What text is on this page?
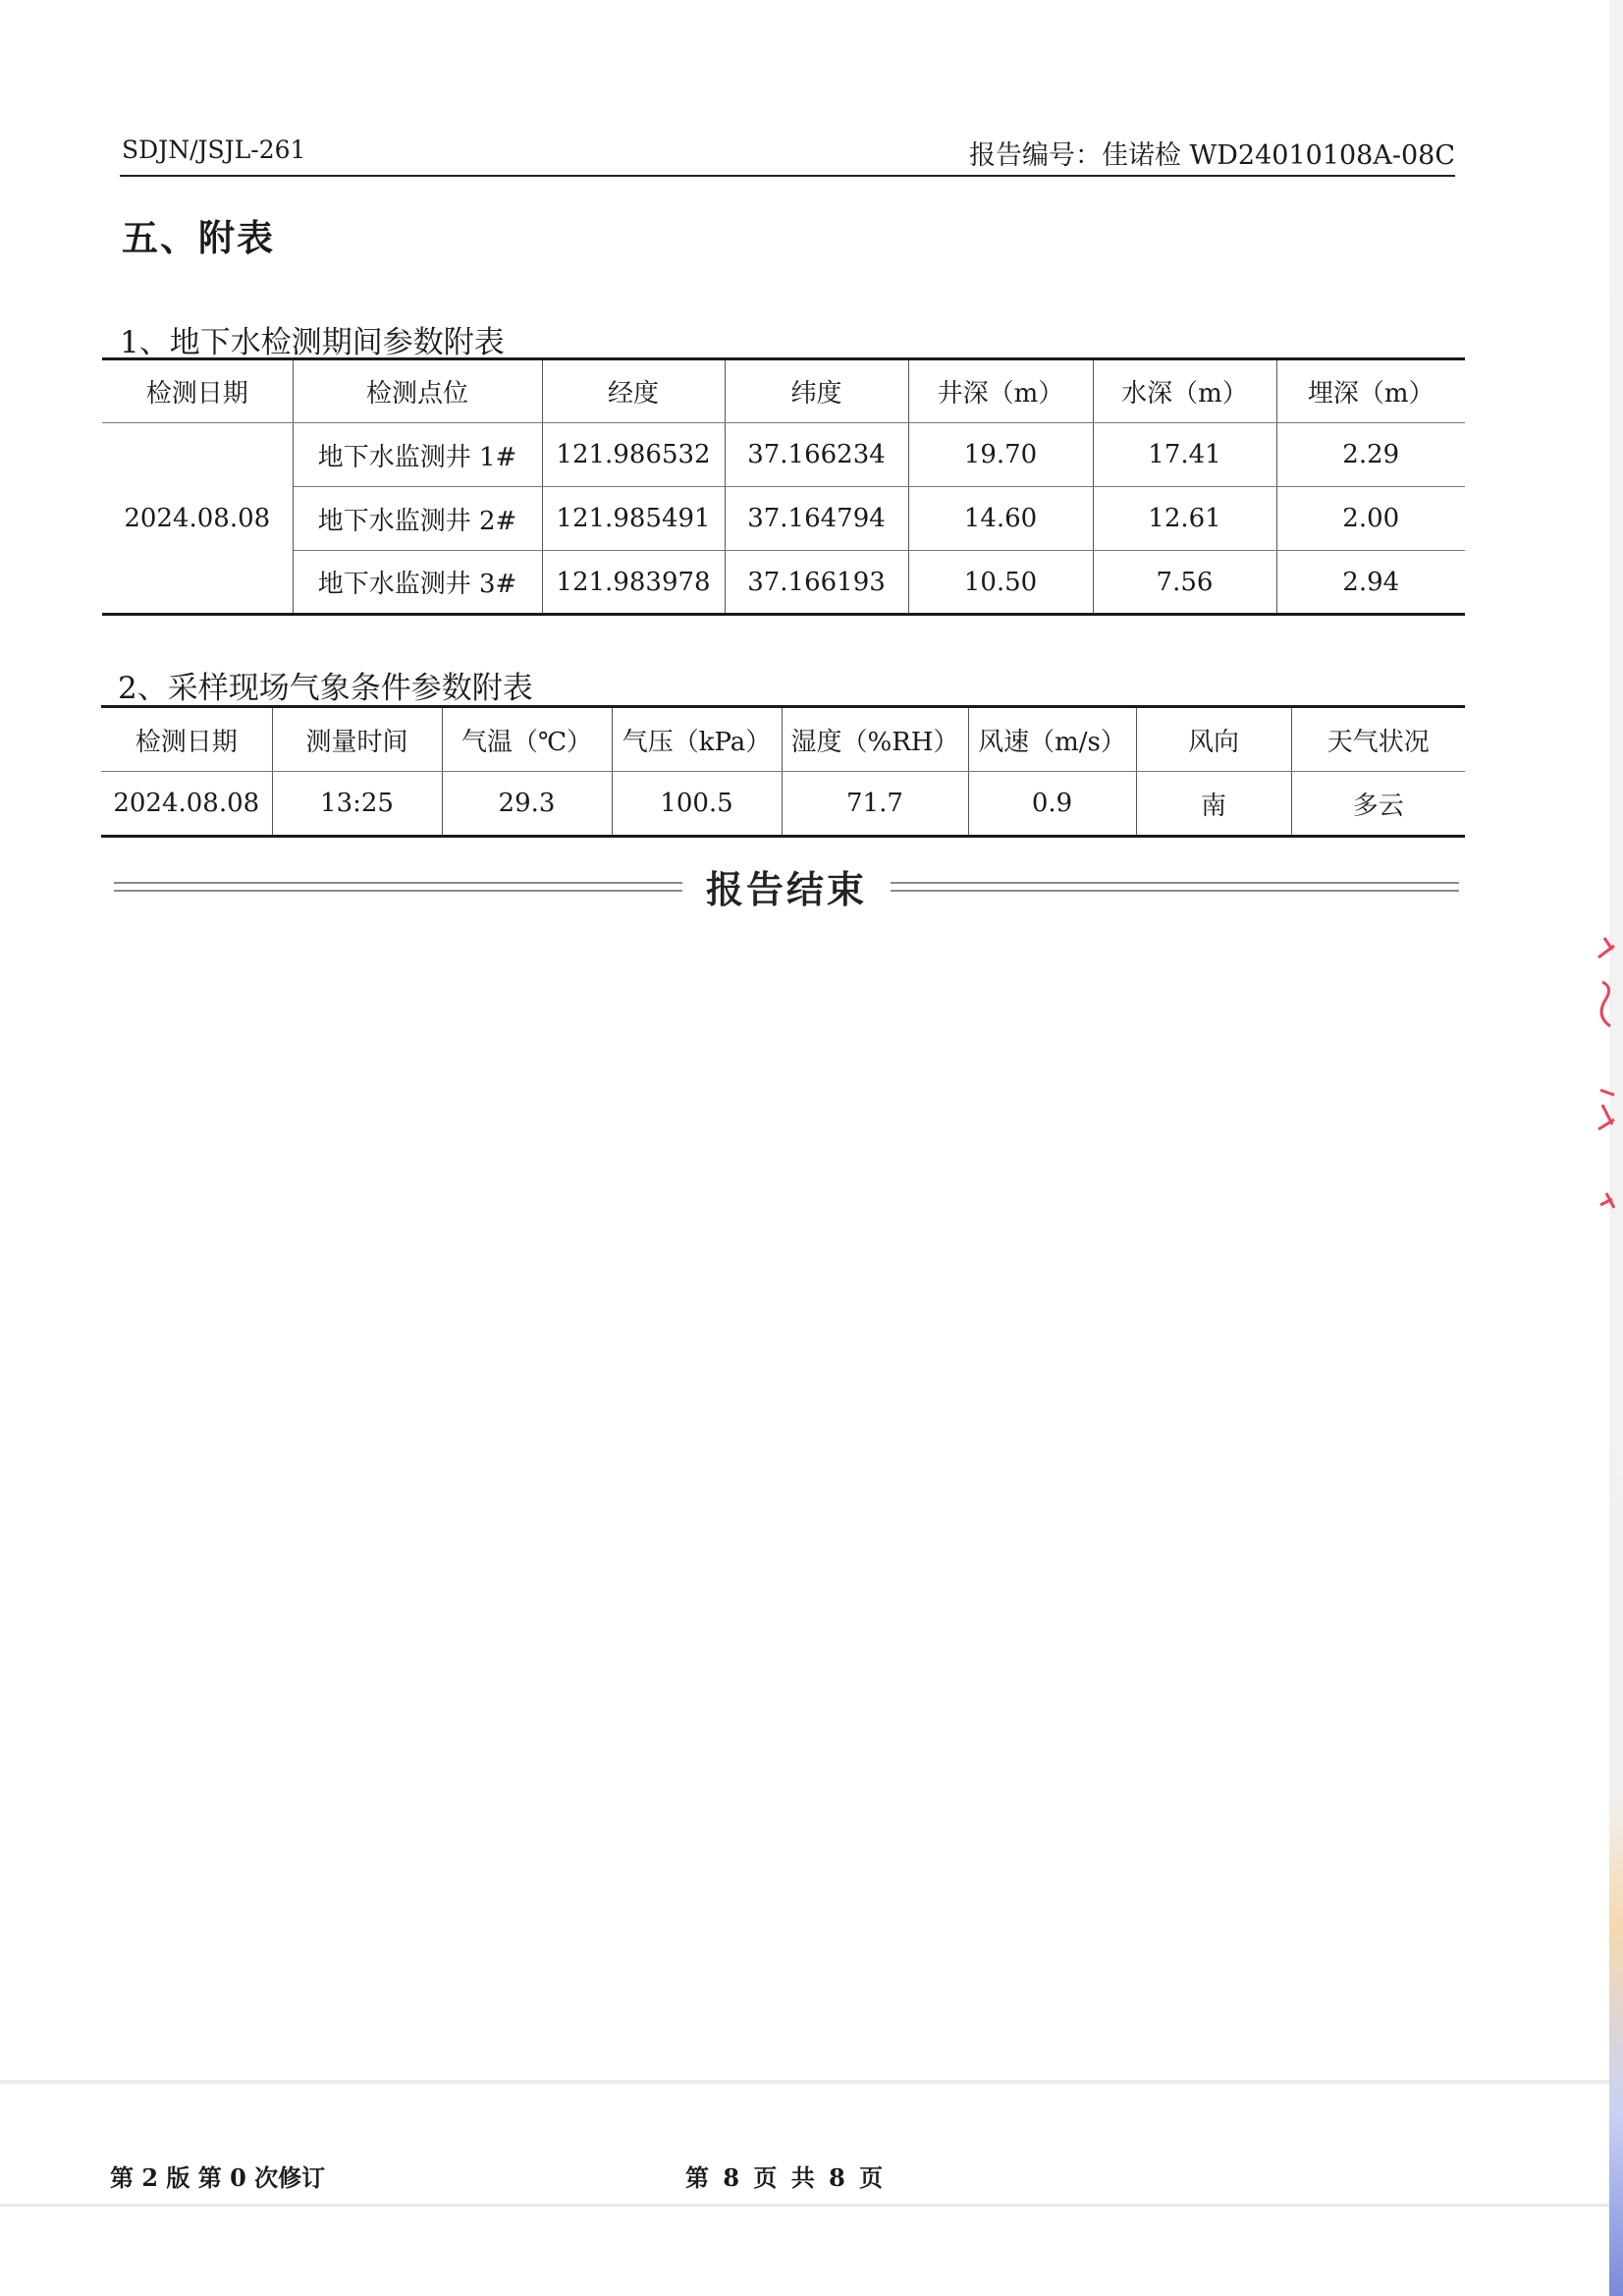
SDJN/JSJL-261	报告编号：佳诺检 WD24010108A-08C
五、附表
1、地下水检测期间参数附表
检测日期	检测点位	经度	纬度	井深（m）	水深（m）	埋深（m）
2024.08.08	地下水监测井 1#	121.986532	37.166234	19.70	17.41	2.29
	地下水监测井 2#	121.985491	37.164794	14.60	12.61	2.00
	地下水监测井 3#	121.983978	37.166193	10.50	7.56	2.94
2、采样现场气象条件参数附表
检测日期	测量时间	气温（℃）	气压（kPa）	湿度（%RH）	风速（m/s）	风向	天气状况
2024.08.08	13:25	29.3	100.5	71.7	0.9	南	多云
报告结束
第 2 版 第 0 次修订	第 8 页 共 8 页
